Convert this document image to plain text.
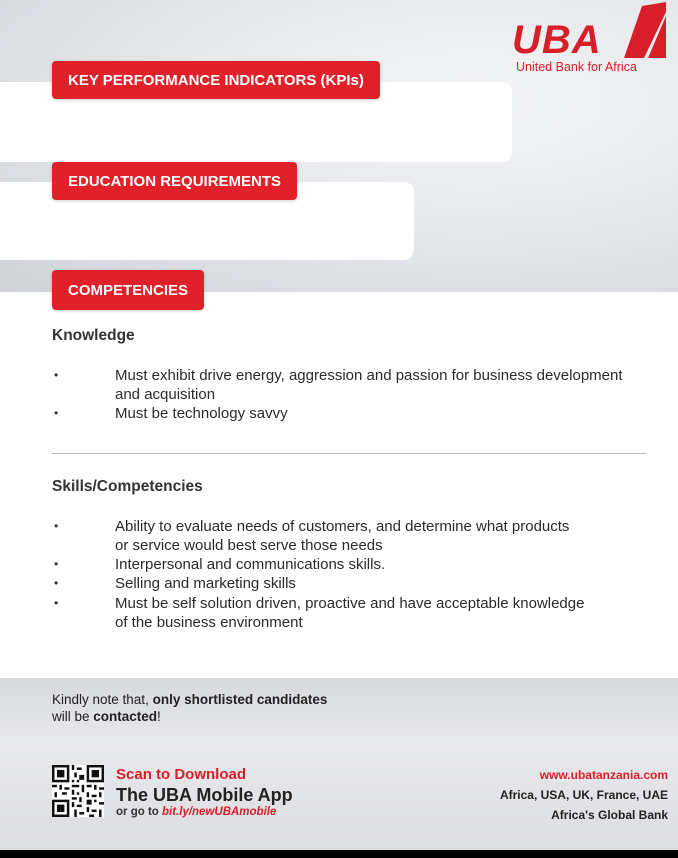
UBA
United Bank for Africa
KEY PERFORMANCE INDICATORS (KPIs)
EDUCATION REQUIREMENTS
COMPETENCIES
Knowledge
•	Must exhibit drive energy, aggression and passion for business development
and acquisition
•	Must be technology savvy
Skills/Competencies
•	Ability to evaluate needs of customers, and determine what products
or service would best serve those needs
•	Interpersonal and communications skills.
•	Selling and marketing skills
•	Must be self solution driven, proactive and have acceptable knowledge
of the business environment
Kindly note that, only shortlisted candidates
will be contacted!
Scan to Download
The UBA Mobile App
or go to bit.ly/newUBAmobile
www.ubatanzania.com
Africa, USA, UK, France, UAE
Africa's Global Bank
